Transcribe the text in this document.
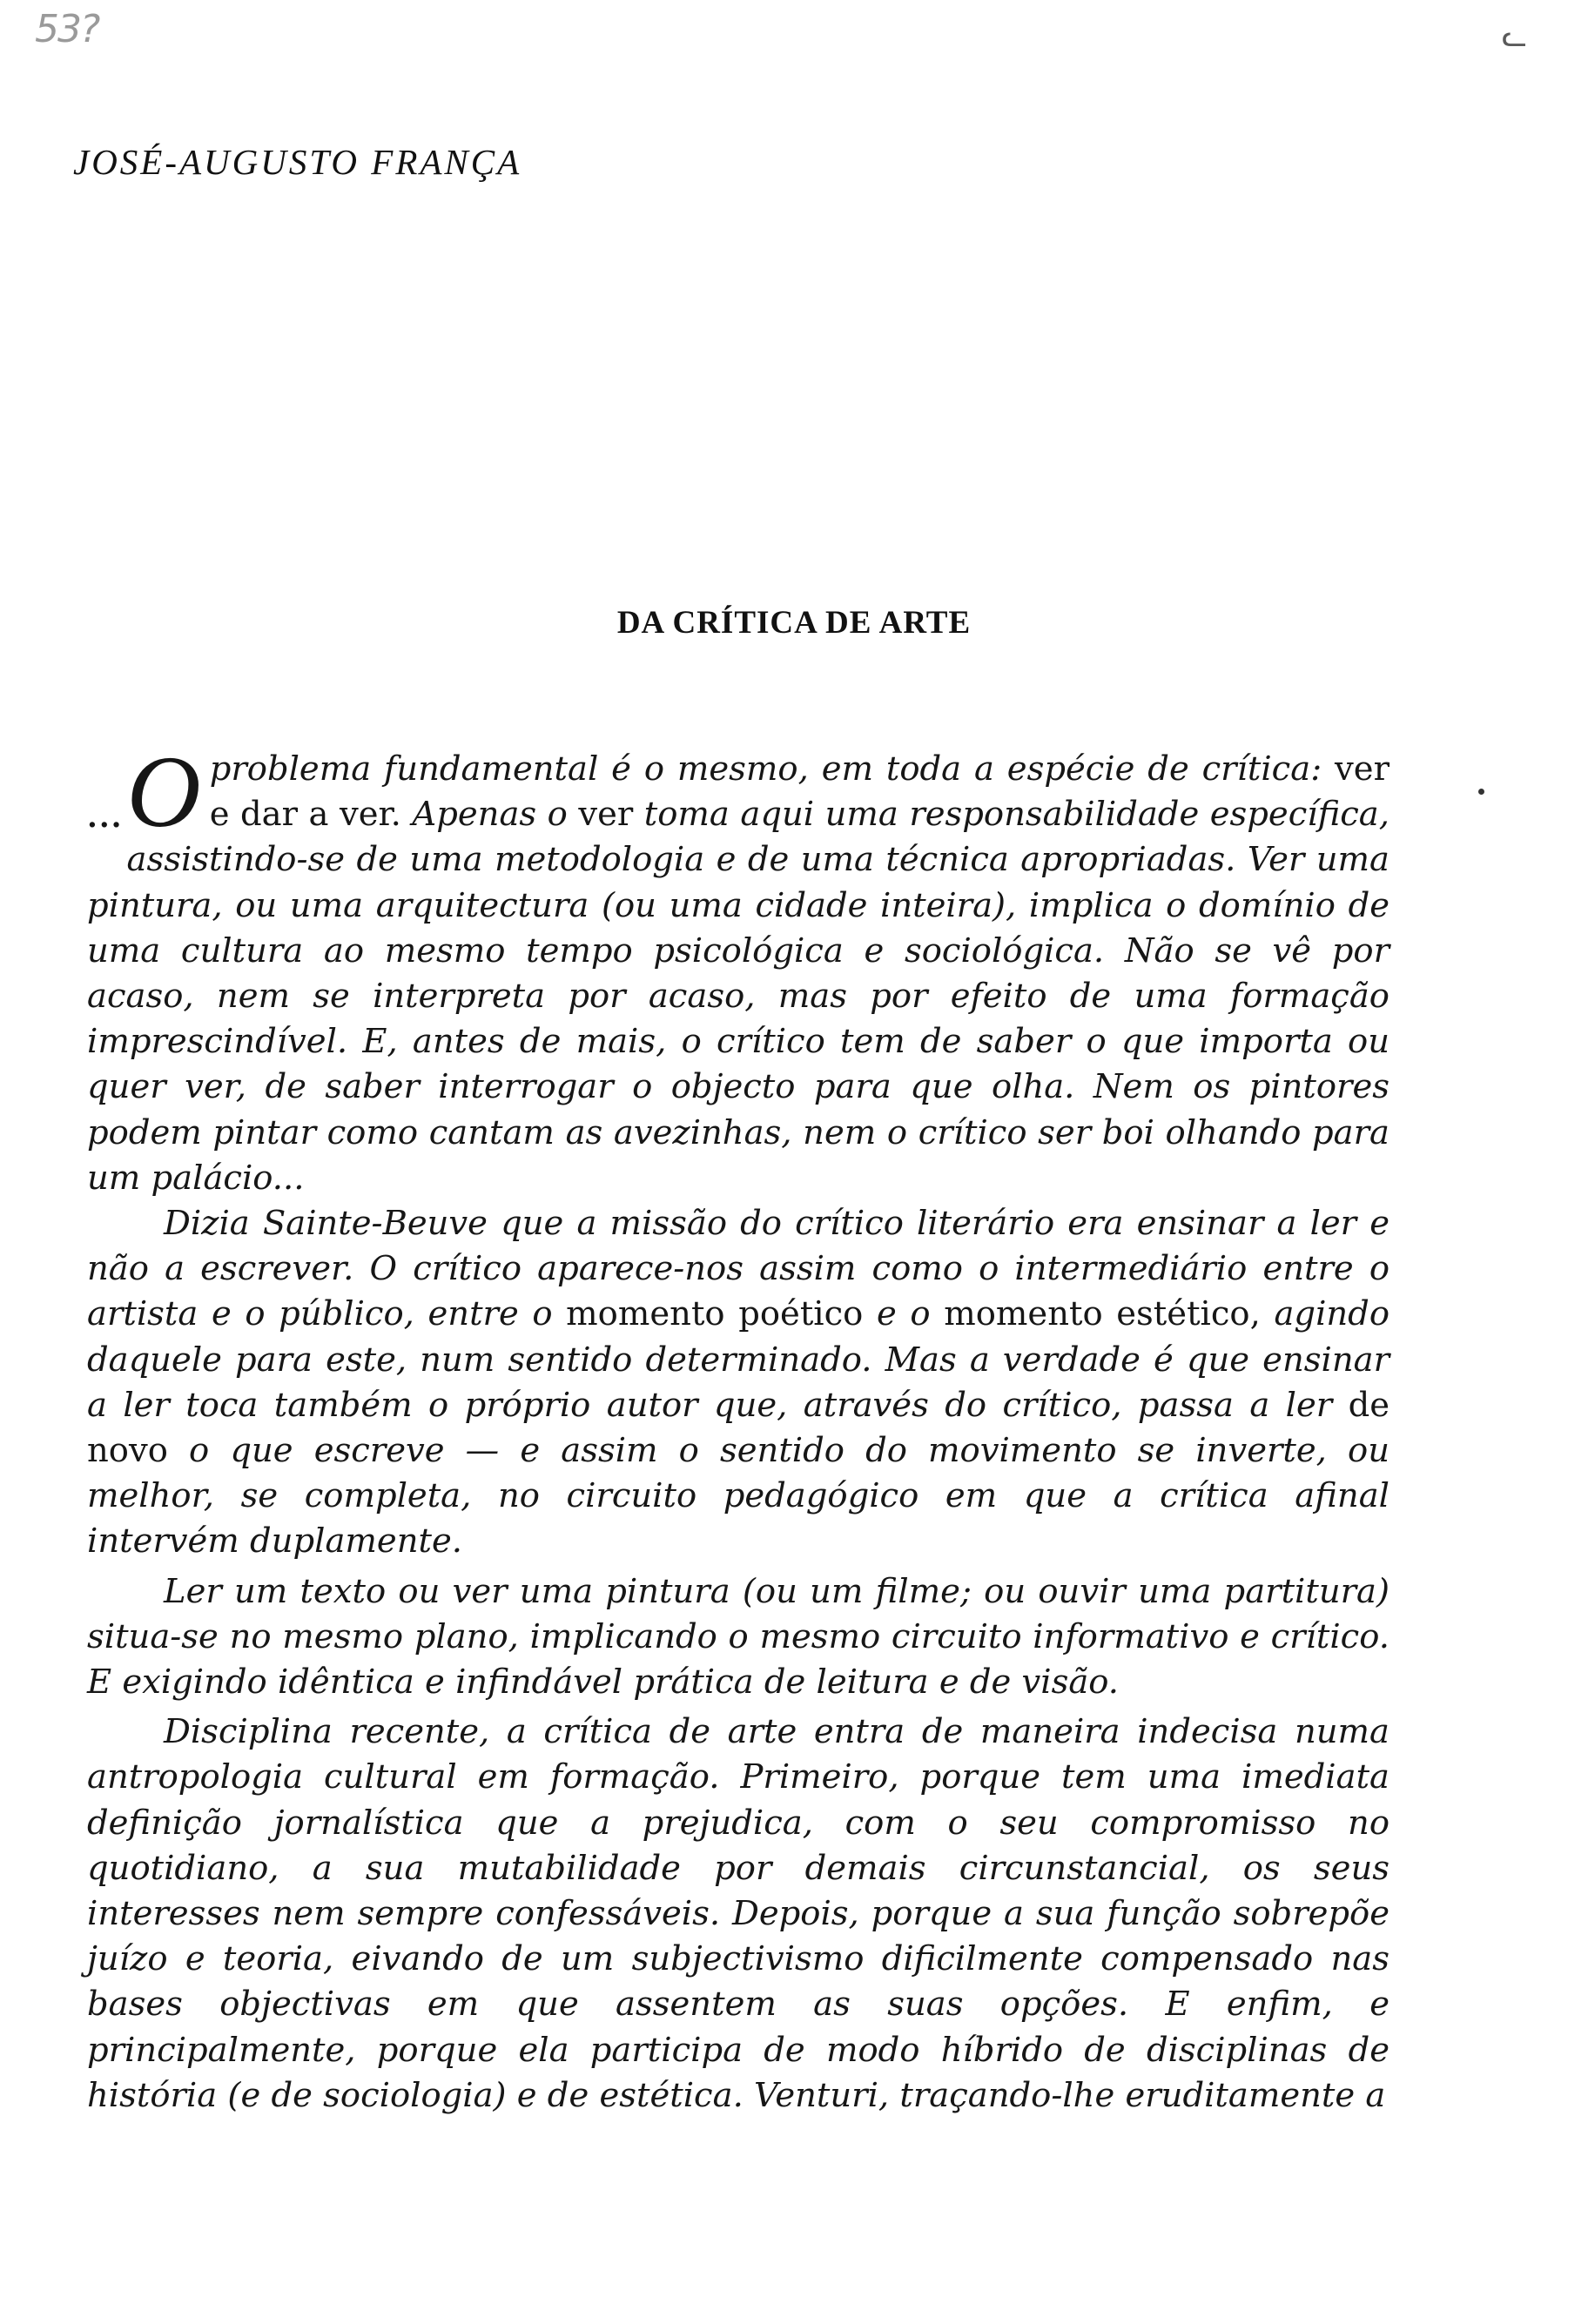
53?	ᓚ
JOSÉ-AUGUSTO FRANÇA
DA CRÍTICA DE ARTE

... O problema fundamental é o mesmo, em toda a espécie de crítica: ver e dar a ver. Apenas o ver toma aqui uma responsabilidade específica, assistindo-se de uma metodologia e de uma técnica apropriadas. Ver uma pintura, ou uma arquitectura (ou uma cidade inteira), implica o domínio de uma cultura ao mesmo tempo psicológica e sociológica. Não se vê por acaso, nem se interpreta por acaso, mas por efeito de uma formação imprescindível. E, antes de mais, o crítico tem de saber o que importa ou quer ver, de saber interrogar o objecto para que olha. Nem os pintores podem pintar como cantam as avezinhas, nem o crítico ser boi olhando para um palácio...

Dizia Sainte-Beuve que a missão do crítico literário era ensinar a ler e não a escrever. O crítico aparece-nos assim como o intermediário entre o artista e o público, entre o momento poético e o momento estético, agindo daquele para este, num sentido determinado. Mas a verdade é que ensinar a ler toca também o próprio autor que, através do crítico, passa a ler de novo o que escreve — e assim o sentido do movimento se inverte, ou melhor, se completa, no circuito pedagógico em que a crítica afinal intervém duplamente.

Ler um texto ou ver uma pintura (ou um filme; ou ouvir uma partitura) situa-se no mesmo plano, implicando o mesmo circuito informativo e crítico. E exigindo idêntica e infindável prática de leitura e de visão.

Disciplina recente, a crítica de arte entra de maneira indecisa numa antropologia cultural em formação. Primeiro, porque tem uma imediata definição jornalística que a prejudica, com o seu compromisso no quotidiano, a sua mutabilidade por demais circunstancial, os seus interesses nem sempre confessáveis. Depois, porque a sua função sobrepõe juízo e teoria, eivando de um subjectivismo dificilmente compensado nas bases objectivas em que assentem as suas opções. E enfim, e principalmente, porque ela participa de modo híbrido de disciplinas de história (e de sociologia) e de estética. Venturi, traçando-lhe eruditamente a
